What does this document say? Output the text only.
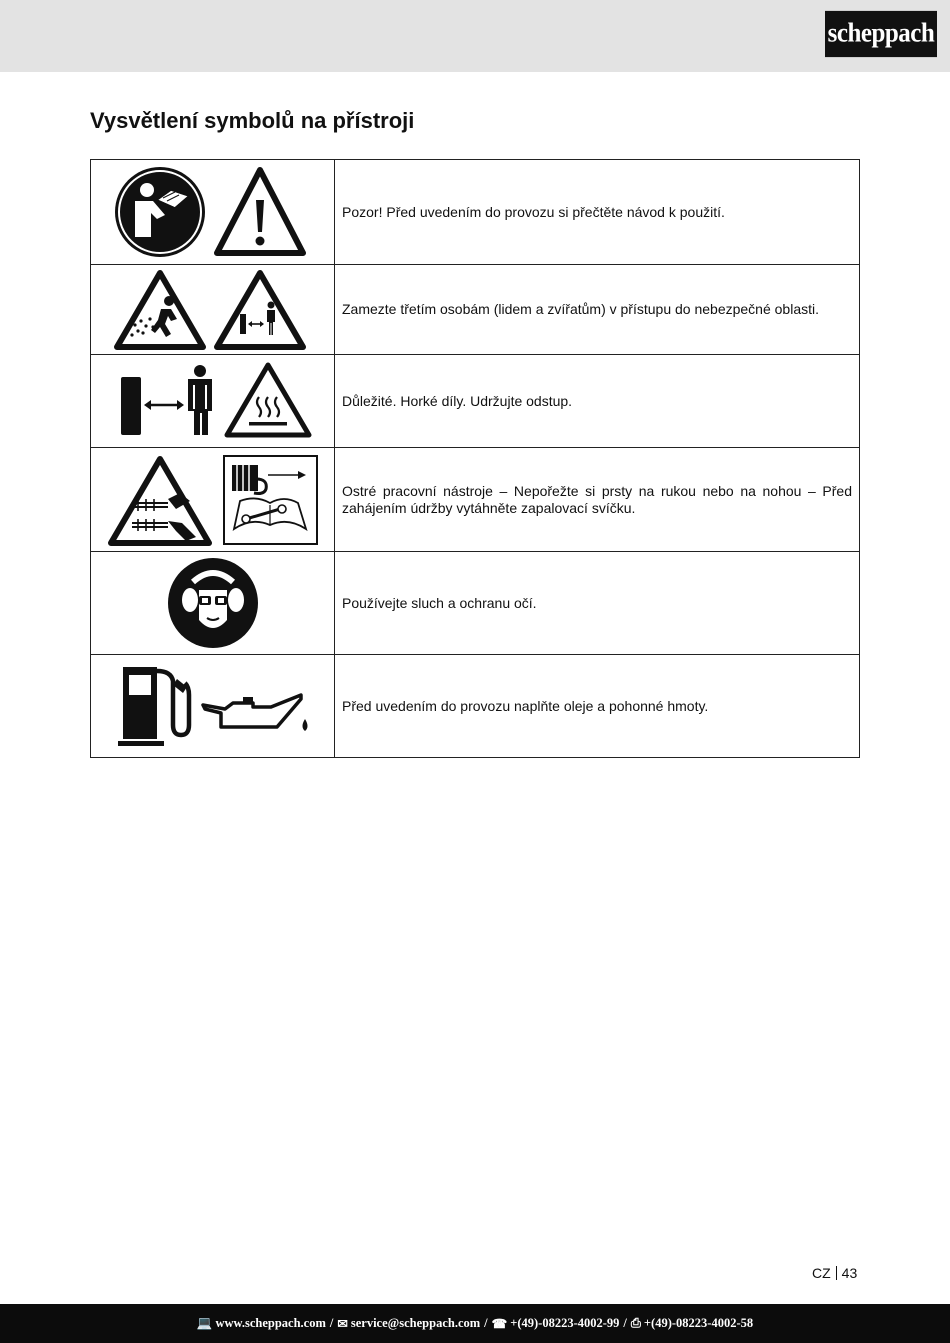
scheppach
Vysvětlení symbolů na přístroji
	Pozor! Před uvedením do provozu si přečtěte návod k použití.

	Zamezte třetím osobám (lidem a zvířatům) v přístupu do nebezpečné oblasti.

	Důležité. Horké díly. Udržujte odstup.

	Ostré pracovní nástroje – Nepořežte si prsty na rukou nebo na nohou – Před zahájením údržby vytáhněte zapalovací svíčku.

	Používejte sluch a ochranu očí.

	Před uvedením do provozu naplňte oleje a pohonné hmoty.
CZ 43
💻 www.scheppach.com / ✉ service@scheppach.com / ☎ +(49)-08223-4002-99 / ⎙ +(49)-08223-4002-58
